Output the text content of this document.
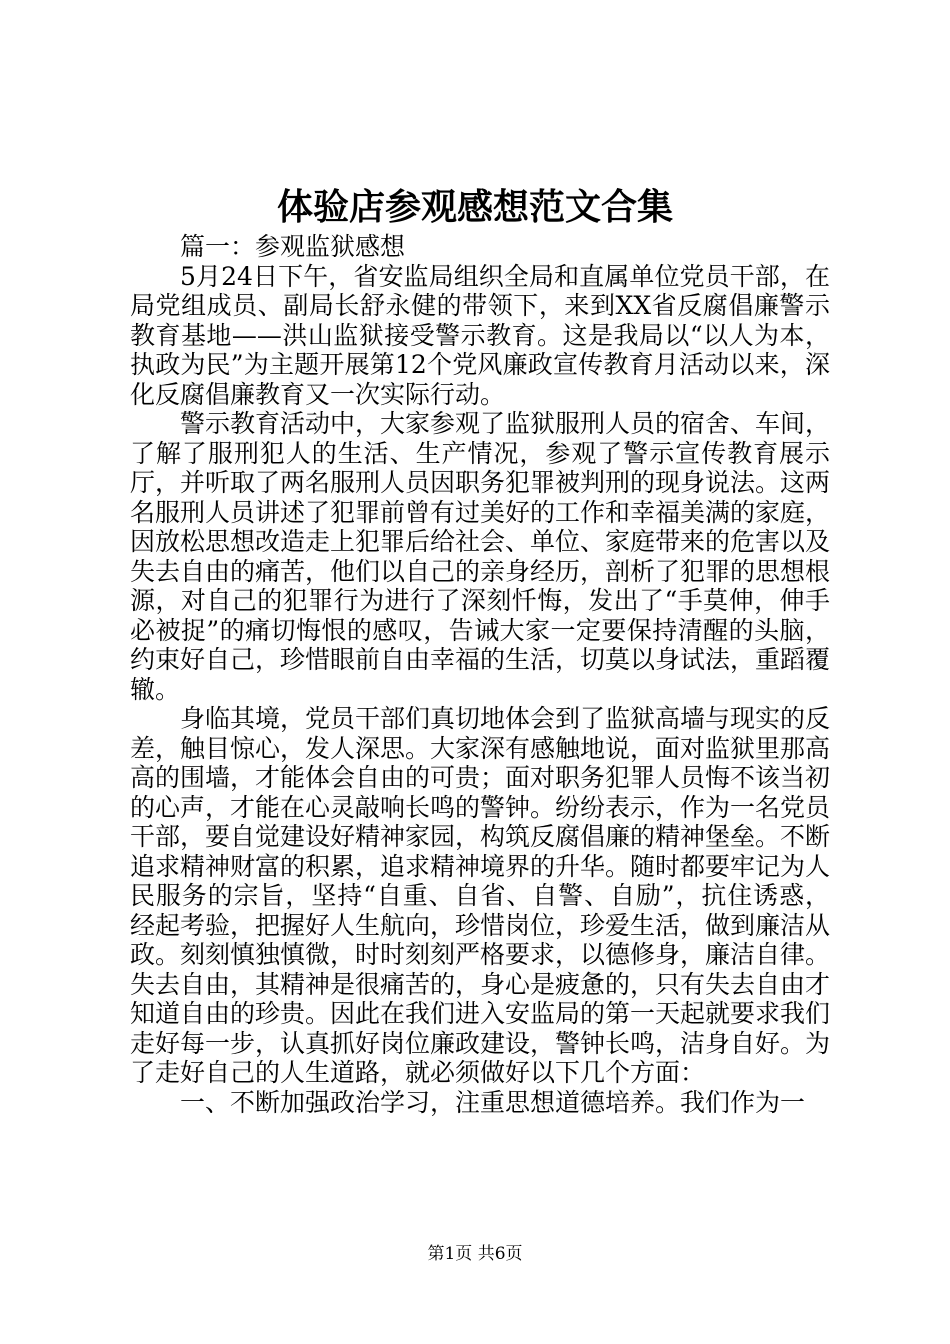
体验店参观感想范文合集

篇一：参观监狱感想

5月24日下午，省安监局组织全局和直属单位党员干部，在局党组成员、副局长舒永健的带领下，来到XX省反腐倡廉警示教育基地——洪山监狱接受警示教育。这是我局以“以人为本，执政为民”为主题开展第12个党风廉政宣传教育月活动以来，深化反腐倡廉教育又一次实际行动。

警示教育活动中，大家参观了监狱服刑人员的宿舍、车间，了解了服刑犯人的生活、生产情况，参观了警示宣传教育展示厅，并听取了两名服刑人员因职务犯罪被判刑的现身说法。这两名服刑人员讲述了犯罪前曾有过美好的工作和幸福美满的家庭，因放松思想改造走上犯罪后给社会、单位、家庭带来的危害以及失去自由的痛苦，他们以自己的亲身经历，剖析了犯罪的思想根源，对自己的犯罪行为进行了深刻忏悔，发出了“手莫伸，伸手必被捉”的痛切悔恨的感叹，告诫大家一定要保持清醒的头脑，约束好自己，珍惜眼前自由幸福的生活，切莫以身试法，重蹈覆辙。

身临其境，党员干部们真切地体会到了监狱高墙与现实的反差，触目惊心，发人深思。大家深有感触地说，面对监狱里那高高的围墙，才能体会自由的可贵；面对职务犯罪人员悔不该当初的心声，才能在心灵敲响长鸣的警钟。纷纷表示，作为一名党员干部，要自觉建设好精神家园，构筑反腐倡廉的精神堡垒。不断追求精神财富的积累，追求精神境界的升华。随时都要牢记为人民服务的宗旨，坚持“自重、自省、自警、自励”，抗住诱惑，经起考验，把握好人生航向，珍惜岗位，珍爱生活，做到廉洁从政。刻刻慎独慎微，时时刻刻严格要求，以德修身，廉洁自律。失去自由，其精神是很痛苦的，身心是疲惫的，只有失去自由才知道自由的珍贵。因此在我们进入安监局的第一天起就要求我们走好每一步，认真抓好岗位廉政建设，警钟长鸣，洁身自好。为了走好自己的人生道路，就必须做好以下几个方面：

一、不断加强政治学习，注重思想道德培养。我们作为一

第1页 共6页
